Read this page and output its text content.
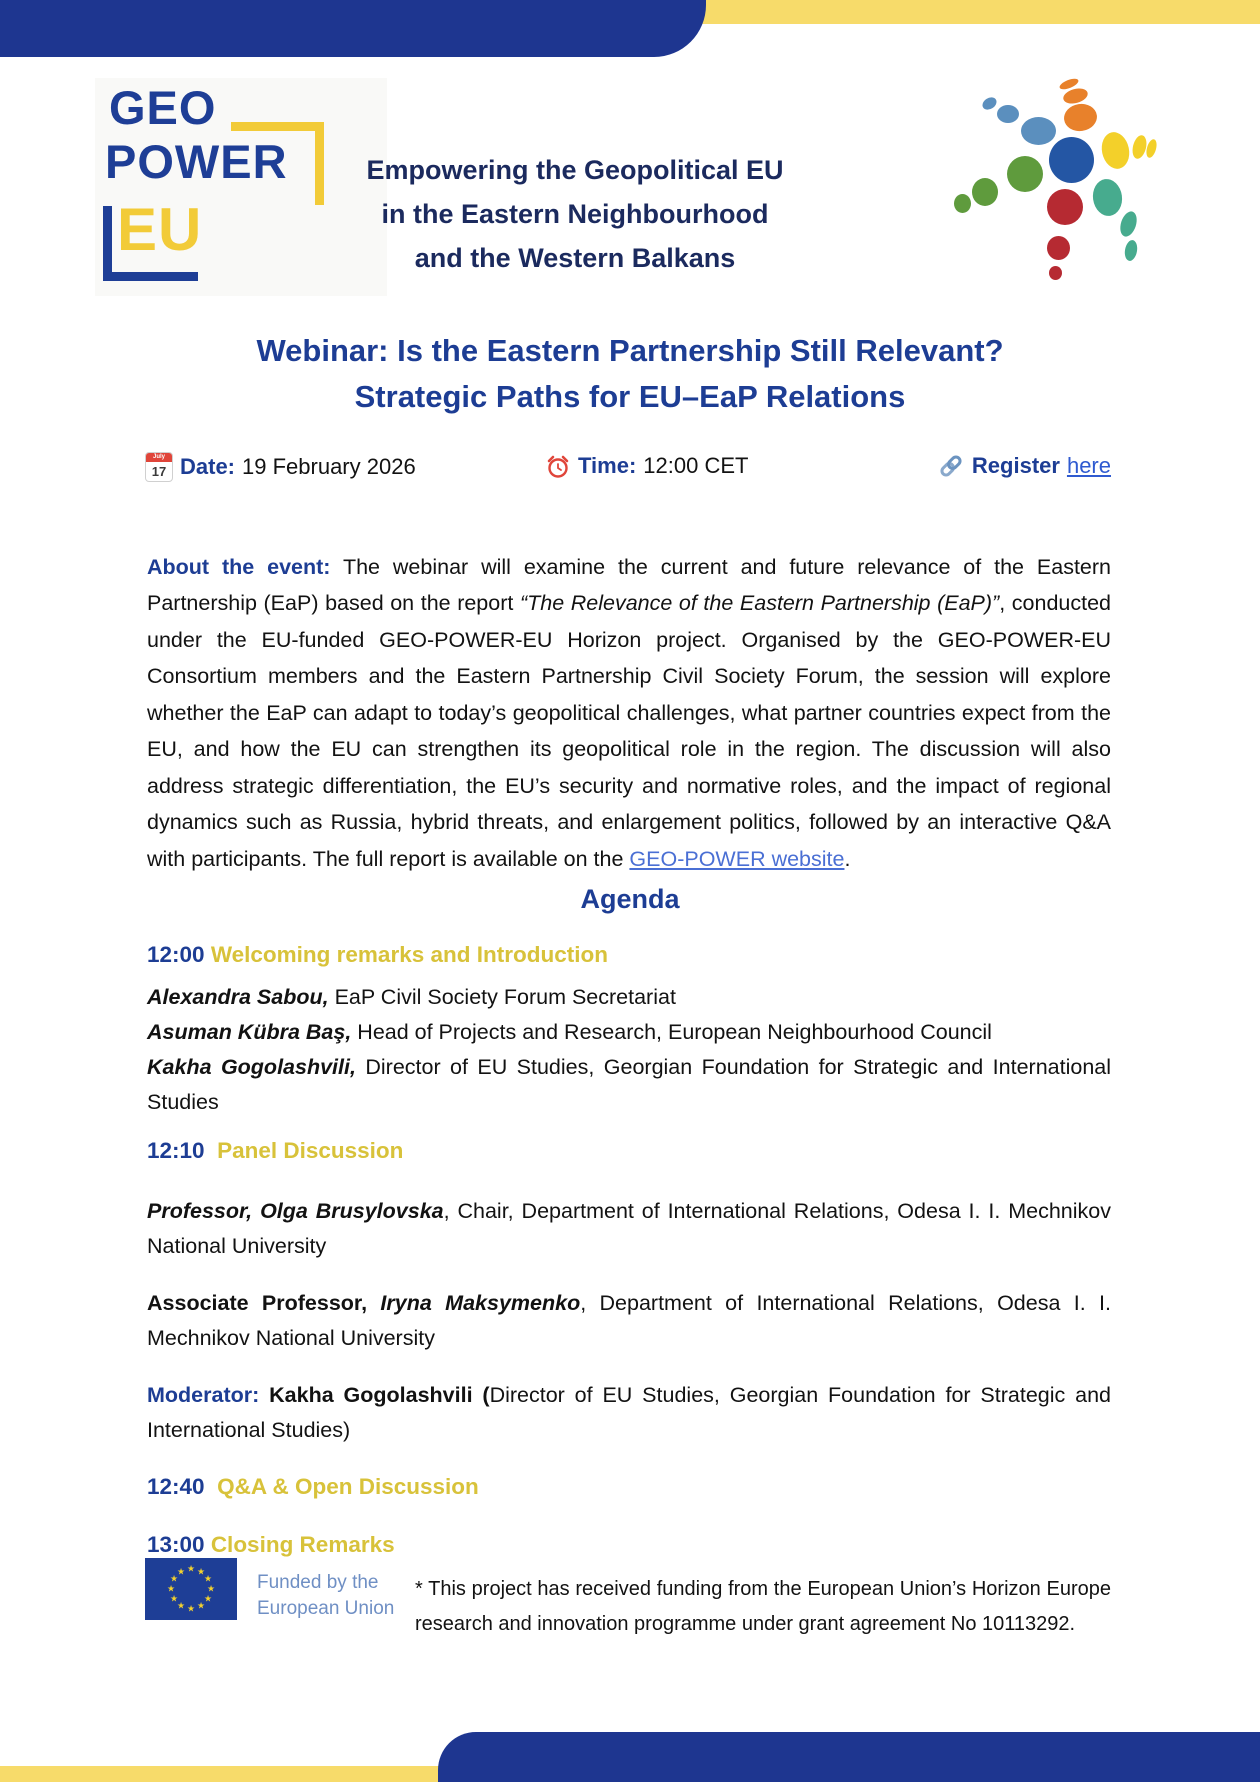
GEO
POWER
EU
Empowering the Geopolitical EU
in the Eastern Neighbourhood
and the Western Balkans
Webinar: Is the Eastern Partnership Still Relevant?
Strategic Paths for EU–EaP Relations
July
17 Date: 19 February 2026	Time: 12:00 CET	Register here

About the event: The webinar will examine the current and future relevance of the Eastern Partnership (EaP) based on the report “The Relevance of the Eastern Partnership (EaP)”, conducted under the EU-funded GEO-POWER-EU Horizon project. Organised by the GEO-POWER-EU Consortium members and the Eastern Partnership Civil Society Forum, the session will explore whether the EaP can adapt to today’s geopolitical challenges, what partner countries expect from the EU, and how the EU can strengthen its geopolitical role in the region. The discussion will also address strategic differentiation, the EU’s security and normative roles, and the impact of regional dynamics such as Russia, hybrid threats, and enlargement politics, followed by an interactive Q&A with participants. The full report is available on the GEO-POWER website.

Agenda

12:00 Welcoming remarks and Introduction

Alexandra Sabou, EaP Civil Society Forum Secretariat

Asuman Kübra Baş, Head of Projects and Research, European Neighbourhood Council

Kakha Gogolashvili, Director of EU Studies, Georgian Foundation for Strategic and International Studies

12:10 Panel Discussion

Professor, Olga Brusylovska, Chair, Department of International Relations, Odesa I. I. Mechnikov National University

Associate Professor, Iryna Maksymenko, Department of International Relations, Odesa I. I. Mechnikov National University

Moderator: Kakha Gogolashvili (Director of EU Studies, Georgian Foundation for Strategic and International Studies)

12:40 Q&A & Open Discussion

13:00 Closing Remarks

★ ★
★
★
★
★
★
★
★
★
★
★
Funded by the
European Union

* This project has received funding from the European Union’s Horizon Europe research and innovation programme under grant agreement No 10113292.
